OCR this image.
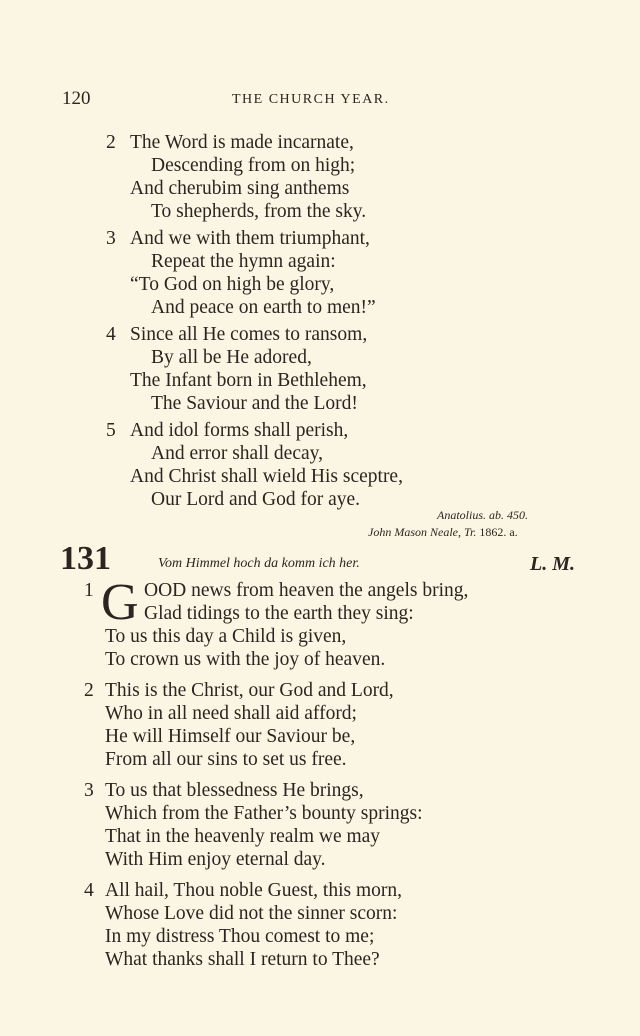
120	THE CHURCH YEAR.
2 The Word is made incarnate,
Descending from on high;
And cherubim sing anthems
To shepherds, from the sky.
3 And we with them triumphant,
Repeat the hymn again:
“To God on high be glory,
And peace on earth to men!”
4 Since all He comes to ransom,
By all be He adored,
The Infant born in Bethlehem,
The Saviour and the Lord!
5 And idol forms shall perish,
And error shall decay,
And Christ shall wield His sceptre,
Our Lord and God for aye.
Anatolius. ab. 450.
John Mason Neale, Tr. 1862. a.
131	Vom Himmel hoch da komm ich her.	L. M.
1 G OOD news from heaven the angels bring,
Glad tidings to the earth they sing:
To us this day a Child is given,
To crown us with the joy of heaven.
2 This is the Christ, our God and Lord,
Who in all need shall aid afford;
He will Himself our Saviour be,
From all our sins to set us free.
3 To us that blessedness He brings,
Which from the Father’s bounty springs:
That in the heavenly realm we may
With Him enjoy eternal day.
4 All hail, Thou noble Guest, this morn,
Whose Love did not the sinner scorn:
In my distress Thou comest to me;
What thanks shall I return to Thee?
